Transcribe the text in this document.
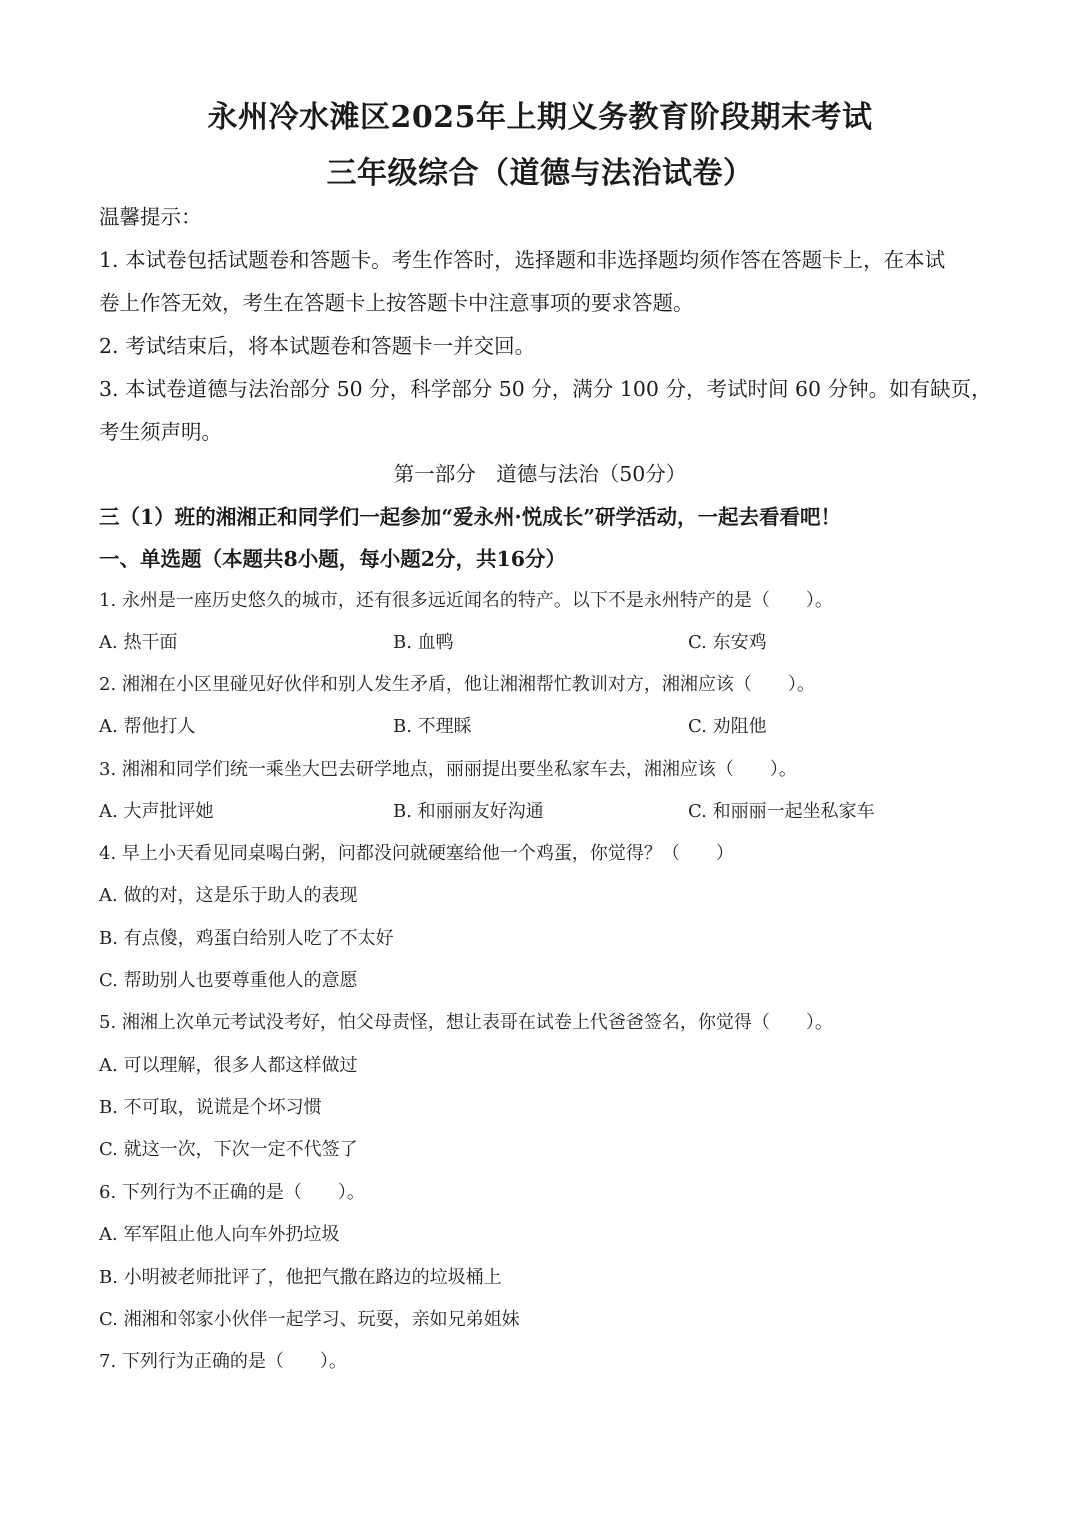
永州冷水滩区2025年上期义务教育阶段期末考试
三年级综合（道德与法治试卷）
温馨提示：
1. 本试卷包括试题卷和答题卡。考生作答时，选择题和非选择题均须作答在答题卡上，在本试
卷上作答无效，考生在答题卡上按答题卡中注意事项的要求答题。
2. 考试结束后，将本试题卷和答题卡一并交回。
3. 本试卷道德与法治部分 50 分，科学部分 50 分，满分 100 分，考试时间 60 分钟。如有缺页，
考生须声明。
第一部分　道德与法治（50分）
三（1）班的湘湘正和同学们一起参加“爱永州·悦成长”研学活动，一起去看看吧！
一、单选题（本题共8小题，每小题2分，共16分）
1. 永州是一座历史悠久的城市，还有很多远近闻名的特产。以下不是永州特产的是（　　）。
A. 热干面	B. 血鸭	C. 东安鸡
2. 湘湘在小区里碰见好伙伴和别人发生矛盾，他让湘湘帮忙教训对方，湘湘应该（　　）。
A. 帮他打人	B. 不理睬	C. 劝阻他
3. 湘湘和同学们统一乘坐大巴去研学地点，丽丽提出要坐私家车去，湘湘应该（　　）。
A. 大声批评她	B. 和丽丽友好沟通	C. 和丽丽一起坐私家车
4. 早上小天看见同桌喝白粥，问都没问就硬塞给他一个鸡蛋，你觉得？（　　）
A. 做的对，这是乐于助人的表现
B. 有点傻，鸡蛋白给别人吃了不太好
C. 帮助别人也要尊重他人的意愿
5. 湘湘上次单元考试没考好，怕父母责怪，想让表哥在试卷上代爸爸签名，你觉得（　　）。
A. 可以理解，很多人都这样做过
B. 不可取，说谎是个坏习惯
C. 就这一次，下次一定不代签了
6. 下列行为不正确的是（　　）。
A. 军军阻止他人向车外扔垃圾
B. 小明被老师批评了，他把气撒在路边的垃圾桶上
C. 湘湘和邻家小伙伴一起学习、玩耍，亲如兄弟姐妹
7. 下列行为正确的是（　　）。
